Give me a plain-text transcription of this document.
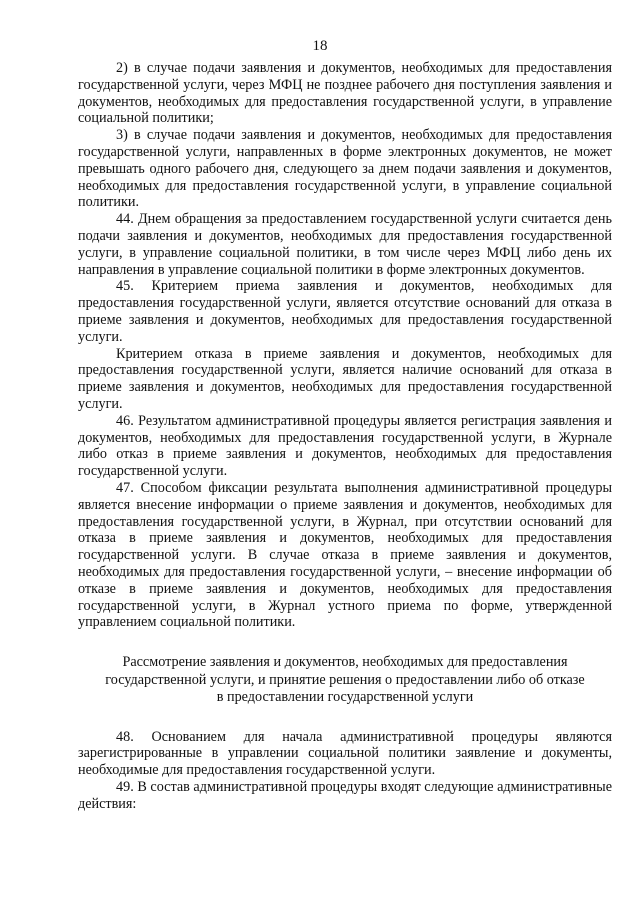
18

2) в случае подачи заявления и документов, необходимых для предоставления государственной услуги, через МФЦ не позднее рабочего дня поступления заявления и документов, необходимых для предоставления государственной услуги, в управление социальной политики;

3) в случае подачи заявления и документов, необходимых для предоставления государственной услуги, направленных в форме электронных документов, не может превышать одного рабочего дня, следующего за днем подачи заявления и документов, необходимых для предоставления государственной услуги, в управление социальной политики.

44. Днем обращения за предоставлением государственной услуги считается день подачи заявления и документов, необходимых для предоставления государственной услуги, в управление социальной политики, в том числе через МФЦ либо день их направления в управление социальной политики в форме электронных документов.

45. Критерием приема заявления и документов, необходимых для предоставления государственной услуги, является отсутствие оснований для отказа в приеме заявления и документов, необходимых для предоставления государственной услуги.

Критерием отказа в приеме заявления и документов, необходимых для предоставления государственной услуги, является наличие оснований для отказа в приеме заявления и документов, необходимых для предоставления государственной услуги.

46. Результатом административной процедуры является регистрация заявления и документов, необходимых для предоставления государственной услуги, в Журнале либо отказ в приеме заявления и документов, необходимых для предоставления государственной услуги.

47. Способом фиксации результата выполнения административной процедуры является внесение информации о приеме заявления и документов, необходимых для предоставления государственной услуги, в Журнал, при отсутствии оснований для отказа в приеме заявления и документов, необходимых для предоставления государственной услуги. В случае отказа в приеме заявления и документов, необходимых для предоставления государственной услуги, – внесение информации об отказе в приеме заявления и документов, необходимых для предоставления государственной услуги, в Журнал устного приема по форме, утвержденной управлением социальной политики.

Рассмотрение заявления и документов, необходимых для предоставления
государственной услуги, и принятие решения о предоставлении либо об отказе
в предоставлении государственной услуги

48. Основанием для начала административной процедуры являются зарегистрированные в управлении социальной политики заявление и документы, необходимые для предоставления государственной услуги.

49. В состав административной процедуры входят следующие административные действия:
